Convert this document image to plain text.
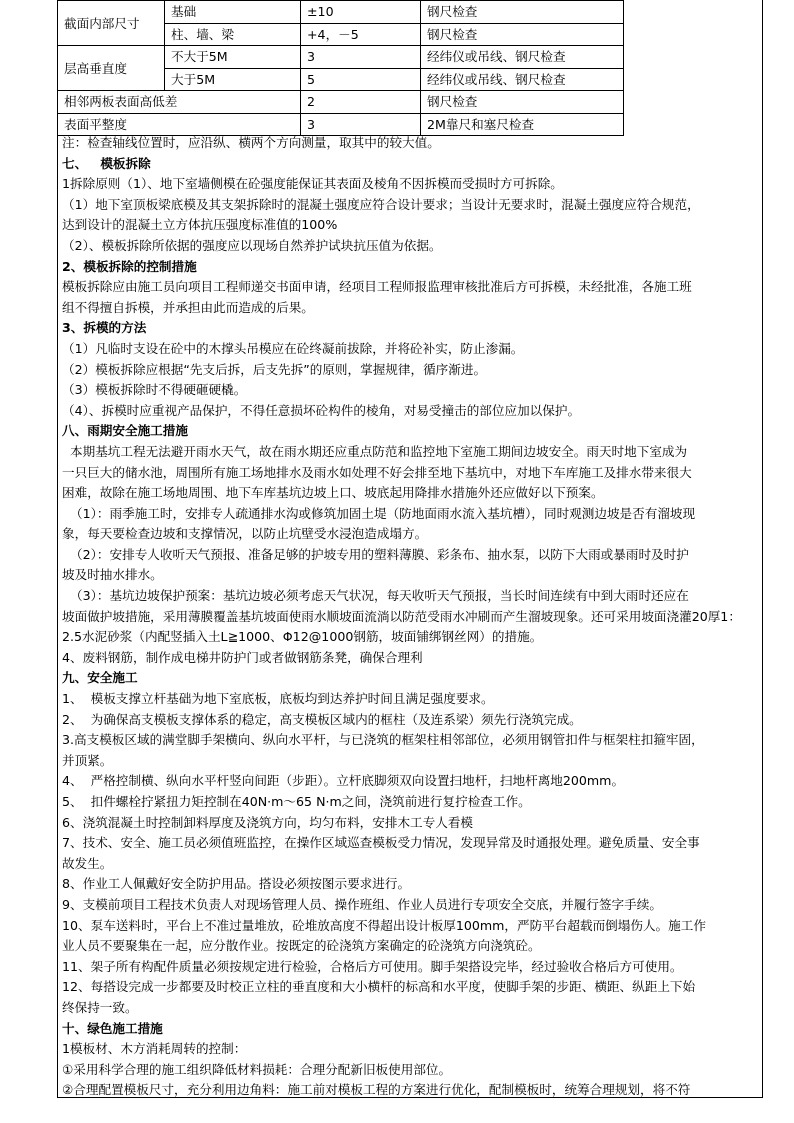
截面内部尺寸	基础	±10	钢尺检查
	柱、墙、梁	+4，－5	钢尺检查
层高垂直度	不大于5M	3	经纬仪或吊线、钢尺检查
	大于5M	5	经纬仪或吊线、钢尺检查
相邻两板表面高低差		2	钢尺检查
表面平整度		3	2M靠尺和塞尺检查
注：检查轴线位置时，应沿纵、横两个方向测量，取其中的较大值。
七、   模板拆除
1拆除原则（1）、地下室墙侧模在砼强度能保证其表面及棱角不因拆模而受损时方可拆除。
（1）地下室顶板梁底模及其支架拆除时的混凝土强度应符合设计要求；当设计无要求时，混凝土强度应符合规范，
达到设计的混凝土立方体抗压强度标准值的100%
（2）、模板拆除所依据的强度应以现场自然养护试块抗压值为依据。
2、模板拆除的控制措施
模板拆除应由施工员向项目工程师递交书面申请，经项目工程师报监理审核批准后方可拆模，未经批准，各施工班
组不得擅自拆模，并承担由此而造成的后果。
3、拆模的方法
（1）凡临时支设在砼中的木撑头吊模应在砼终凝前拔除，并将砼补实，防止渗漏。
（2）模板拆除应根据“先支后拆，后支先拆”的原则，掌握规律，循序渐进。
（3）模板拆除时不得硬砸硬橇。
（4）、拆模时应重视产品保护，不得任意损坏砼构件的棱角，对易受撞击的部位应加以保护。
八、雨期安全施工措施
本期基坑工程无法避开雨水天气，故在雨水期还应重点防范和监控地下室施工期间边坡安全。雨天时地下室成为
一只巨大的储水池，周围所有施工场地排水及雨水如处理不好会排至地下基坑中，对地下车库施工及排水带来很大
困难，故除在施工场地周围、地下车库基坑边坡上口、坡底起用降排水措施外还应做好以下预案。
（1）：雨季施工时，安排专人疏通排水沟或修筑加固土堤（防地面雨水流入基坑槽），同时观测边坡是否有溜坡现
象，每天要检查边坡和支撑情况，以防止坑壁受水浸泡造成塌方。
（2）：安排专人收听天气预报、准备足够的护坡专用的塑料薄膜、彩条布、抽水泵，以防下大雨或暴雨时及时护
坡及时抽水排水。
（3）：基坑边坡保护预案：基坑边坡必须考虑天气状况，每天收听天气预报，当长时间连续有中到大雨时还应在
坡面做护坡措施，采用薄膜覆盖基坑坡面使雨水顺坡面流淌以防范受雨水冲刷而产生溜坡现象。还可采用坡面浇灌20厚1：
2.5水泥砂浆（内配竖插入土L≧1000、Φ12@1000钢筋，坡面铺绑钢丝网）的措施。
4、废料钢筋，制作成电梯井防护门或者做钢筋条凳，确保合理利
九、安全施工
1、  模板支撑立杆基础为地下室底板，底板均到达养护时间且满足强度要求。
2、  为确保高支模板支撑体系的稳定，高支模板区域内的框柱（及连系梁）须先行浇筑完成。
3.高支模板区域的满堂脚手架横向、纵向水平杆，与已浇筑的框架柱相邻部位，必须用钢管扣件与框架柱扣箍牢固，
并顶紧。
4、  严格控制横、纵向水平杆竖向间距（步距）。立杆底脚须双向设置扫地杆，扫地杆离地200mm。
5、  扣件螺栓拧紧扭力矩控制在40N·m～65 N·m之间，浇筑前进行复拧检查工作。
6、浇筑混凝土时控制卸料厚度及浇筑方向，均匀布料，安排木工专人看模
7、技术、安全、施工员必须值班监控，在操作区域巡查模板受力情况，发现异常及时通报处理。避免质量、安全事
故发生。
8、作业工人佩戴好安全防护用品。搭设必须按图示要求进行。
9、支模前项目工程技术负责人对现场管理人员、操作班组、作业人员进行专项安全交底，并履行签字手续。
10、泵车送料时，平台上不准过量堆放，砼堆放高度不得超出设计板厚100mm，严防平台超载而倒塌伤人。施工作
业人员不要聚集在一起，应分散作业。按既定的砼浇筑方案确定的砼浇筑方向浇筑砼。
11、架子所有构配件质量必须按规定进行检验，合格后方可使用。脚手架搭设完毕，经过验收合格后方可使用。
12、每搭设完成一步都要及时校正立柱的垂直度和大小横杆的标高和水平度，使脚手架的步距、横距、纵距上下始
终保持一致。
十、绿色施工措施
1模板材、木方消耗周转的控制：
①采用科学合理的施工组织降低材料损耗：合理分配新旧板使用部位。
②合理配置模板尺寸，充分利用边角料：施工前对模板工程的方案进行优化，配制模板时，统筹合理规划，将不符
